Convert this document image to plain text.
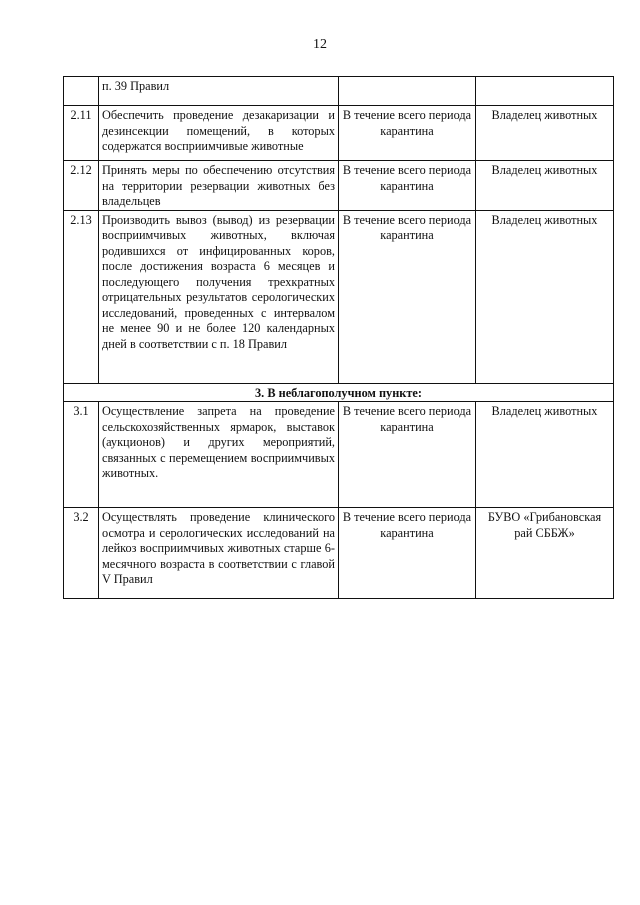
12
	п. 39 Правил		
2.11	Обеспечить проведение дезакаризации и дезинсекции помещений, в которых содержатся восприимчивые животные	В течение всего периода карантина	Владелец животных
2.12	Принять меры по обеспечению отсутствия на территории резервации животных без владельцев	В течение всего периода карантина	Владелец животных
2.13	Производить вывоз (вывод) из резервации восприимчивых животных, включая родившихся от инфицированных коров, после достижения возраста 6 месяцев и последующего получения трехкратных отрицательных результатов серологических исследований, проведенных с интервалом не менее 90 и не более 120 календарных дней в соответствии с п. 18 Правил	В течение всего периода карантина	Владелец животных
3. В неблагополучном пункте:			
3.1	Осуществление запрета на проведение сельскохозяйственных ярмарок, выставок (аукционов) и других мероприятий, связанных с перемещением восприимчивых животных.	В течение всего периода карантина	Владелец животных
3.2	Осуществлять проведение клинического осмотра и серологических исследований на лейкоз восприимчивых животных старше 6-месячного возраста в соответствии с главой V Правил	В течение всего периода карантина	БУВО «Грибановская рай СББЖ»
